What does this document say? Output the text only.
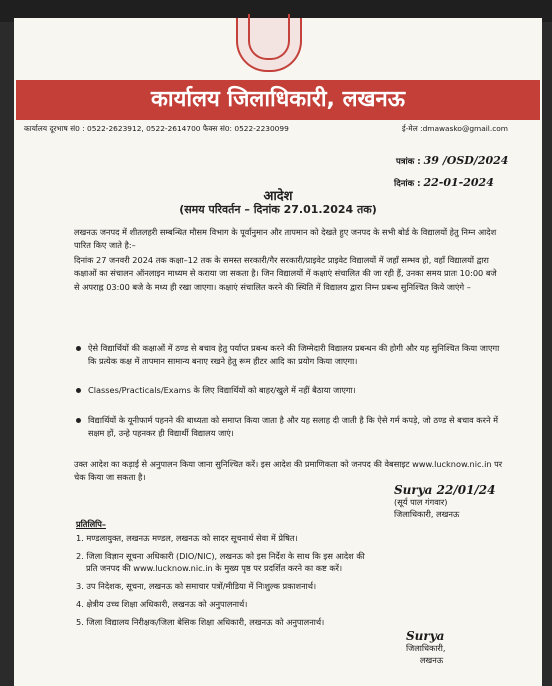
कार्यालय जिलाधिकारी, लखनऊ
कार्यालय दूरभाष सं0 : 0522-2623912, 0522-2614700 फैक्स सं0: 0522-2230099	ई-मेल :dmawasko@gmail.com
पत्रांक : 39 /OSD/2024
दिनांक : 22-01-2024
आदेश
(समय परिवर्तन – दिनांक 27.01.2024 तक)
लखनऊ जनपद में शीतलहरी सम्बन्धित मौसम विभाग के पूर्वानुमान और तापमान को देखते हुए जनपद के सभी बोर्ड के विद्यालयों हेतु निम्न आदेश पारित किए जाते है:–
दिनांक 27 जनवरी 2024 तक कक्षा–12 तक के समस्त सरकारी/गैर सरकारी/प्राइवेट प्राइवेट विद्यालयों में जहाँ सम्भव हो, वहाँ विद्यालयों द्वारा कक्षाओं का संचालन ऑनलाइन माध्यम से कराया जा सकता है। जिन विद्यालयों में कक्षाएं संचालित की जा रही हैं, उनका समय प्रातः 10:00 बजे से अपराह्न 03:00 बजे के मध्य ही रखा जाएगा। कक्षाएं संचालित करने की स्थिति में विद्यालय द्वारा निम्न प्रबन्ध सुनिश्चित किये जाएंगे –
ऐसे विद्यार्थियों की कक्षाओं में ठण्ड से बचाव हेतु पर्याप्त प्रबन्ध करने की जिम्मेदारी विद्यालय प्रबन्धन की होगी और यह सुनिश्चित किया जाएगा कि प्रत्येक कक्ष में तापमान सामान्य बनाए रखने हेतु रूम हीटर आदि का प्रयोग किया जाएगा।
Classes/Practicals/Exams के लिए विद्यार्थियों को बाहर/खुले में नहीं बैठाया जाएगा।
विद्यार्थियों के यूनीफार्म पहनने की बाध्यता को समाप्त किया जाता है और यह सलाह दी जाती है कि ऐसे गर्म कपड़े, जो ठण्ड से बचाव करने में सक्षम हों, उन्हे पहनकर ही विद्यार्थी विद्यालय जाएं।
उक्त आदेश का कड़ाई से अनुपालन किया जाना सुनिश्चित करें। इस आदेश की प्रमाणिकता को जनपद की वेबसाइट www.lucknow.nic.in पर चेक किया जा सकता है।
Surya 22/01/24
(सूर्य पाल गंगवार)
जिलाधिकारी, लखनऊ
प्रतिलिपि–
1. मण्डलायुक्त, लखनऊ मण्डल, लखनऊ को सादर सूचनार्थ सेवा में प्रेषित।
2. जिला विज्ञान सूचना अधिकारी (DIO/NIC), लखनऊ को इस निर्देश के साथ कि इस आदेश की
प्रति जनपद की www.lucknow.nic.in के मुख्य पृष्ठ पर प्रदर्शित करने का कष्ट करें।
3. उप निदेशक, सूचना, लखनऊ को समाचार पत्रों/मीडिया में निःशुल्क प्रकाशनार्थ।
4. क्षेत्रीय उच्च शिक्षा अधिकारी, लखनऊ को अनुपालनार्थ।
5. जिला विद्यालय निरीक्षक/जिला बेसिक शिक्षा अधिकारी, लखनऊ को अनुपालनार्थ।
Surya
जिलाधिकारी,
लखनऊ
